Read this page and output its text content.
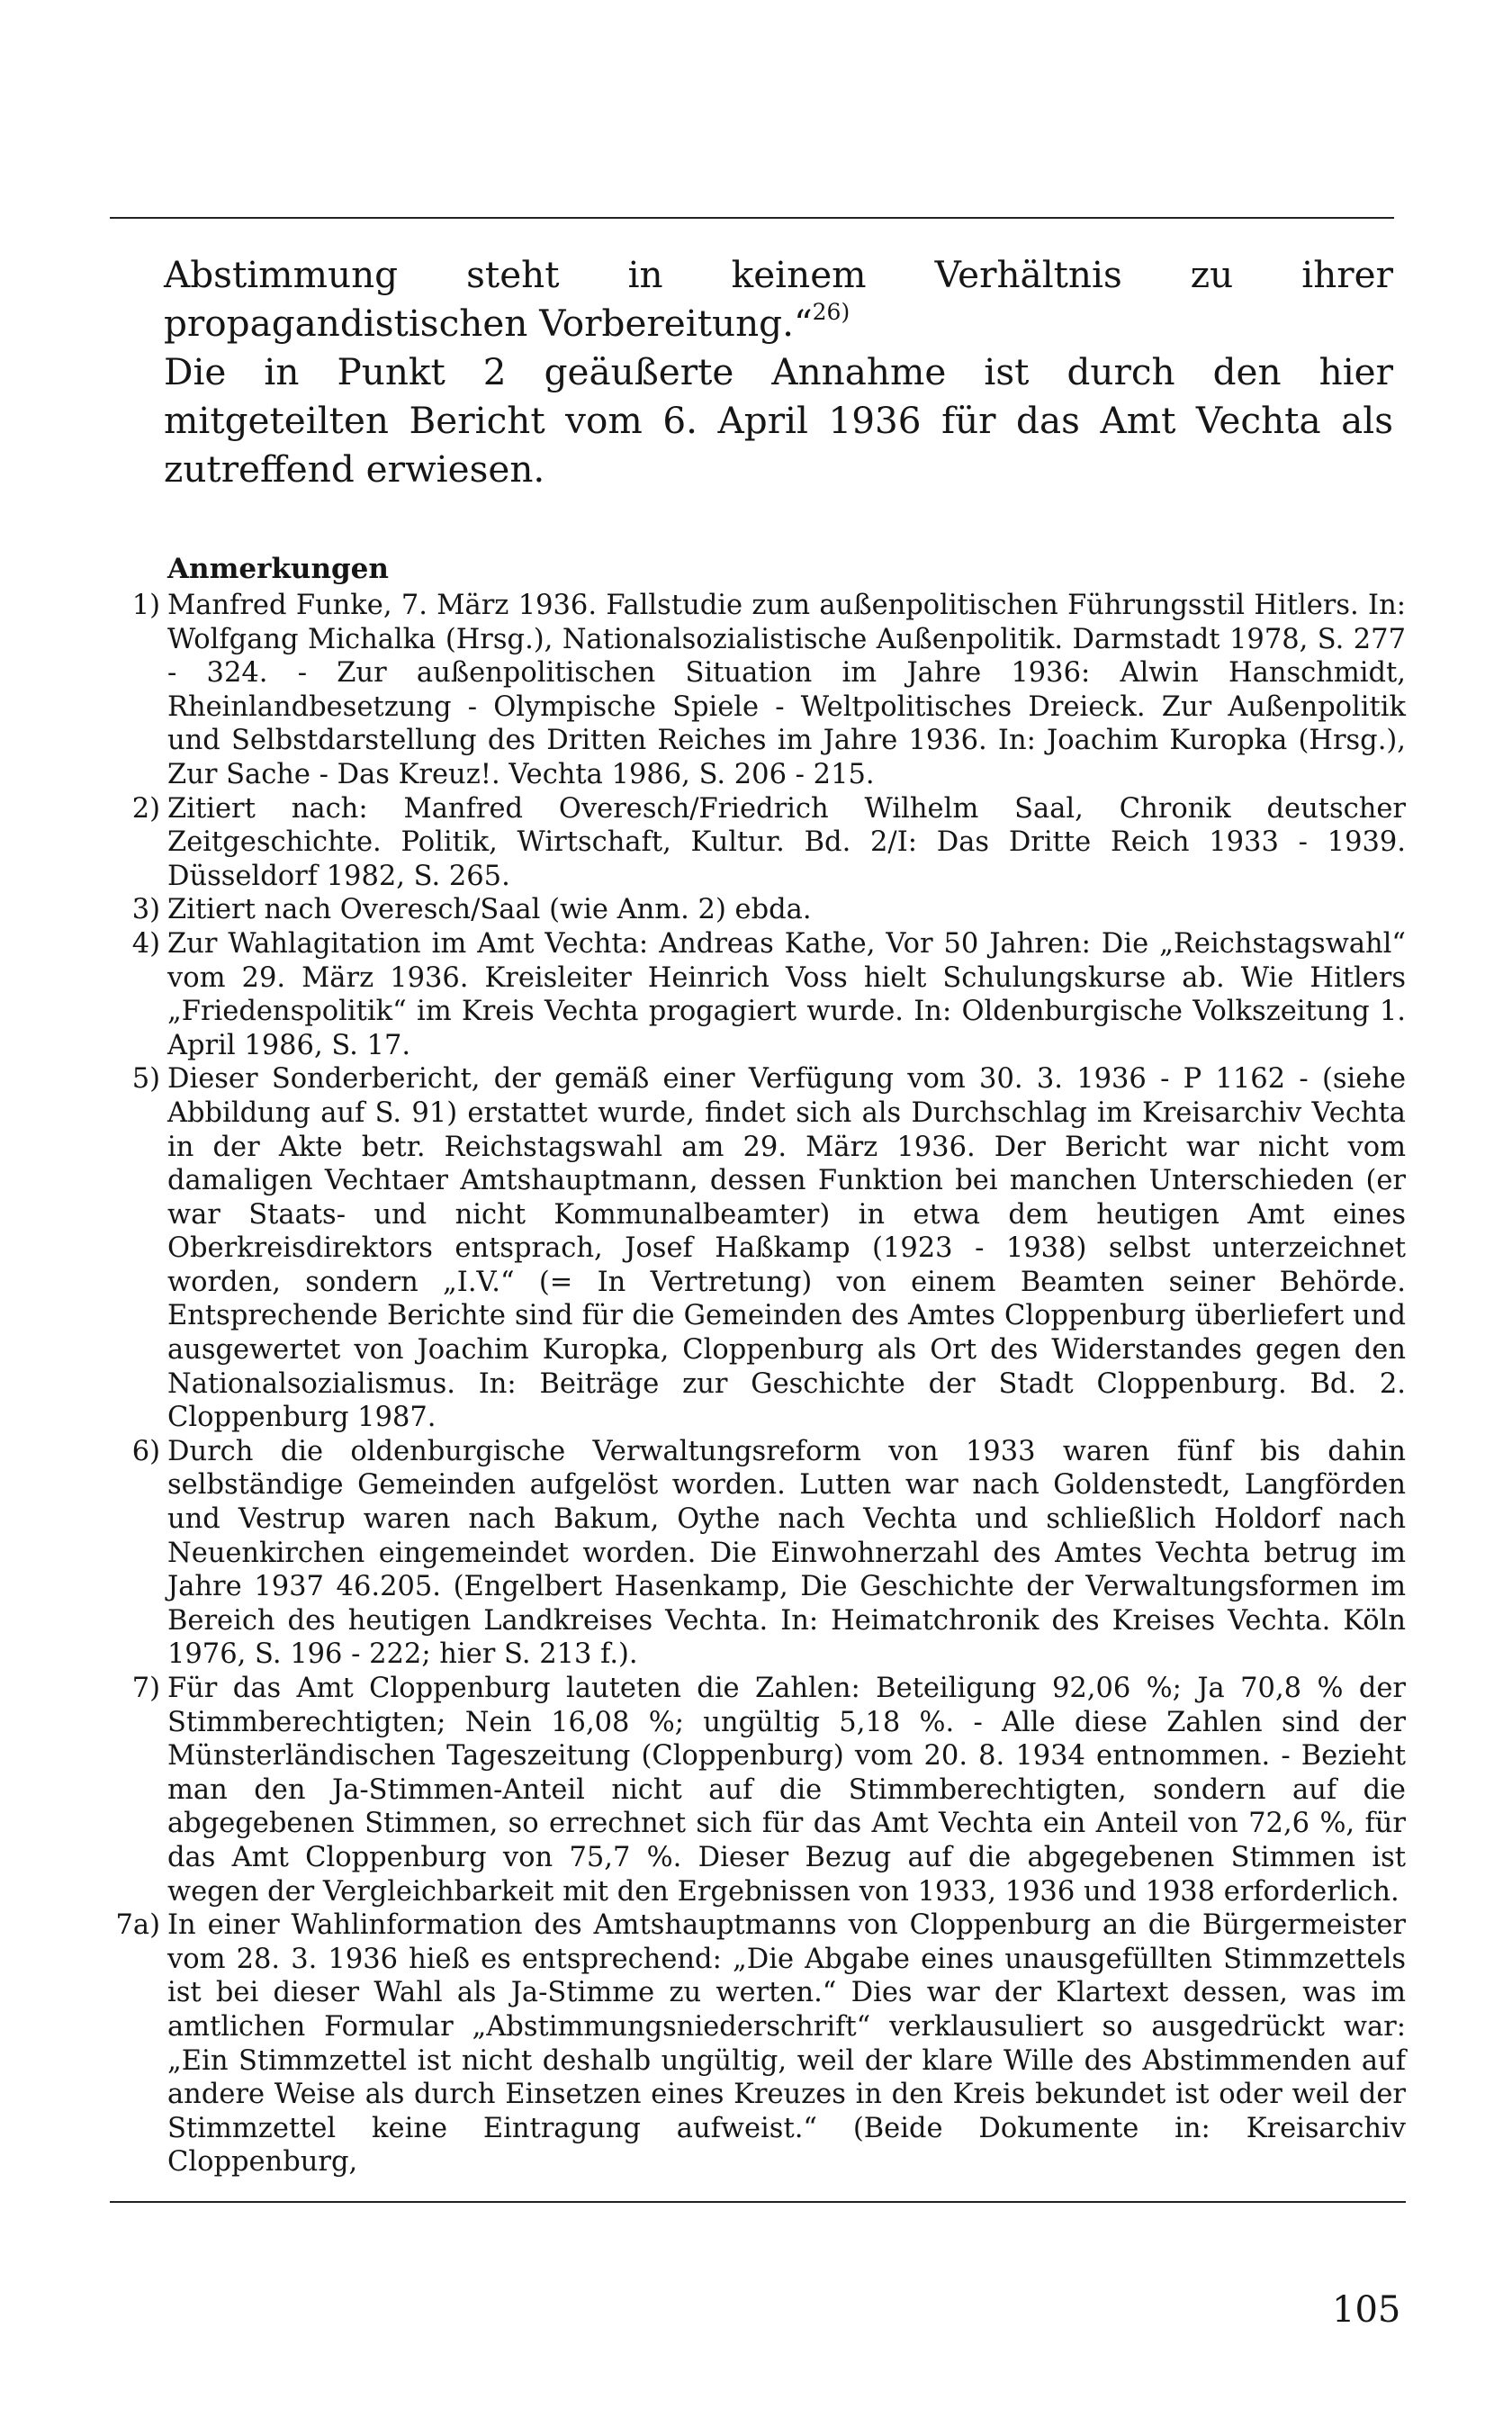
Abstimmung steht in keinem Verhältnis zu ihrer propagandistischen Vorbereitung.“$^{26)}$

Die in Punkt 2 geäußerte Annahme ist durch den hier mitgeteilten Bericht vom 6. April 1936 für das Amt Vechta als zutreffend erwiesen.

Anmerkungen
1) Manfred Funke, 7. März 1936. Fallstudie zum außenpolitischen Führungsstil Hitlers. In: Wolfgang Michalka (Hrsg.), Nationalsozialistische Außenpolitik. Darmstadt 1978, S. 277 - 324. - Zur außenpolitischen Situation im Jahre 1936: Alwin Hanschmidt, Rheinlandbesetzung - Olympische Spiele - Weltpolitisches Dreieck. Zur Außenpolitik und Selbstdarstellung des Dritten Reiches im Jahre 1936. In: Joachim Kuropka (Hrsg.), Zur Sache - Das Kreuz!. Vechta 1986, S. 206 - 215.
2) Zitiert nach: Manfred Overesch/Friedrich Wilhelm Saal, Chronik deutscher Zeitgeschichte. Politik, Wirtschaft, Kultur. Bd. 2/I: Das Dritte Reich 1933 - 1939. Düsseldorf 1982, S. 265.
3) Zitiert nach Overesch/Saal (wie Anm. 2) ebda.
4) Zur Wahlagitation im Amt Vechta: Andreas Kathe, Vor 50 Jahren: Die „Reichstagswahl“ vom 29. März 1936. Kreisleiter Heinrich Voss hielt Schulungskurse ab. Wie Hitlers „Friedenspolitik“ im Kreis Vechta progagiert wurde. In: Oldenburgische Volkszeitung 1. April 1986, S. 17.
5) Dieser Sonderbericht, der gemäß einer Verfügung vom 30. 3. 1936 - P 1162 - (siehe Abbildung auf S. 91) erstattet wurde, findet sich als Durchschlag im Kreisarchiv Vechta in der Akte betr. Reichstagswahl am 29. März 1936. Der Bericht war nicht vom damaligen Vechtaer Amtshauptmann, dessen Funktion bei manchen Unterschieden (er war Staats- und nicht Kommunalbeamter) in etwa dem heutigen Amt eines Oberkreisdirektors entsprach, Josef Haßkamp (1923 - 1938) selbst unterzeichnet worden, sondern „I.V.“ (= In Vertretung) von einem Beamten seiner Behörde. Entsprechende Berichte sind für die Gemeinden des Amtes Cloppenburg überliefert und ausgewertet von Joachim Kuropka, Cloppenburg als Ort des Widerstandes gegen den Nationalsozialismus. In: Beiträge zur Geschichte der Stadt Cloppenburg. Bd. 2. Cloppenburg 1987.
6) Durch die oldenburgische Verwaltungsreform von 1933 waren fünf bis dahin selbständige Gemeinden aufgelöst worden. Lutten war nach Goldenstedt, Langförden und Vestrup waren nach Bakum, Oythe nach Vechta und schließlich Holdorf nach Neuenkirchen eingemeindet worden. Die Einwohnerzahl des Amtes Vechta betrug im Jahre 1937 46.205. (Engelbert Hasenkamp, Die Geschichte der Verwaltungsformen im Bereich des heutigen Landkreises Vechta. In: Heimatchronik des Kreises Vechta. Köln 1976, S. 196 - 222; hier S. 213 f.).
7) Für das Amt Cloppenburg lauteten die Zahlen: Beteiligung 92,06 %; Ja 70,8 % der Stimmberechtigten; Nein 16,08 %; ungültig 5,18 %. - Alle diese Zahlen sind der Münsterländischen Tageszeitung (Cloppenburg) vom 20. 8. 1934 entnommen. - Bezieht man den Ja-Stimmen-Anteil nicht auf die Stimmberechtigten, sondern auf die abgegebenen Stimmen, so errechnet sich für das Amt Vechta ein Anteil von 72,6 %, für das Amt Cloppenburg von 75,7 %. Dieser Bezug auf die abgegebenen Stimmen ist wegen der Vergleichbarkeit mit den Ergebnissen von 1933, 1936 und 1938 erforderlich.
7a) In einer Wahlinformation des Amtshauptmanns von Cloppenburg an die Bürgermeister vom 28. 3. 1936 hieß es entsprechend: „Die Abgabe eines unausgefüllten Stimmzettels ist bei dieser Wahl als Ja-Stimme zu werten.“ Dies war der Klartext dessen, was im amtlichen Formular „Abstimmungsniederschrift“ verklausuliert so ausgedrückt war: „Ein Stimmzettel ist nicht deshalb ungültig, weil der klare Wille des Abstimmenden auf andere Weise als durch Einsetzen eines Kreuzes in den Kreis bekundet ist oder weil der Stimmzettel keine Eintragung aufweist.“ (Beide Dokumente in: Kreisarchiv Cloppenburg,
105
